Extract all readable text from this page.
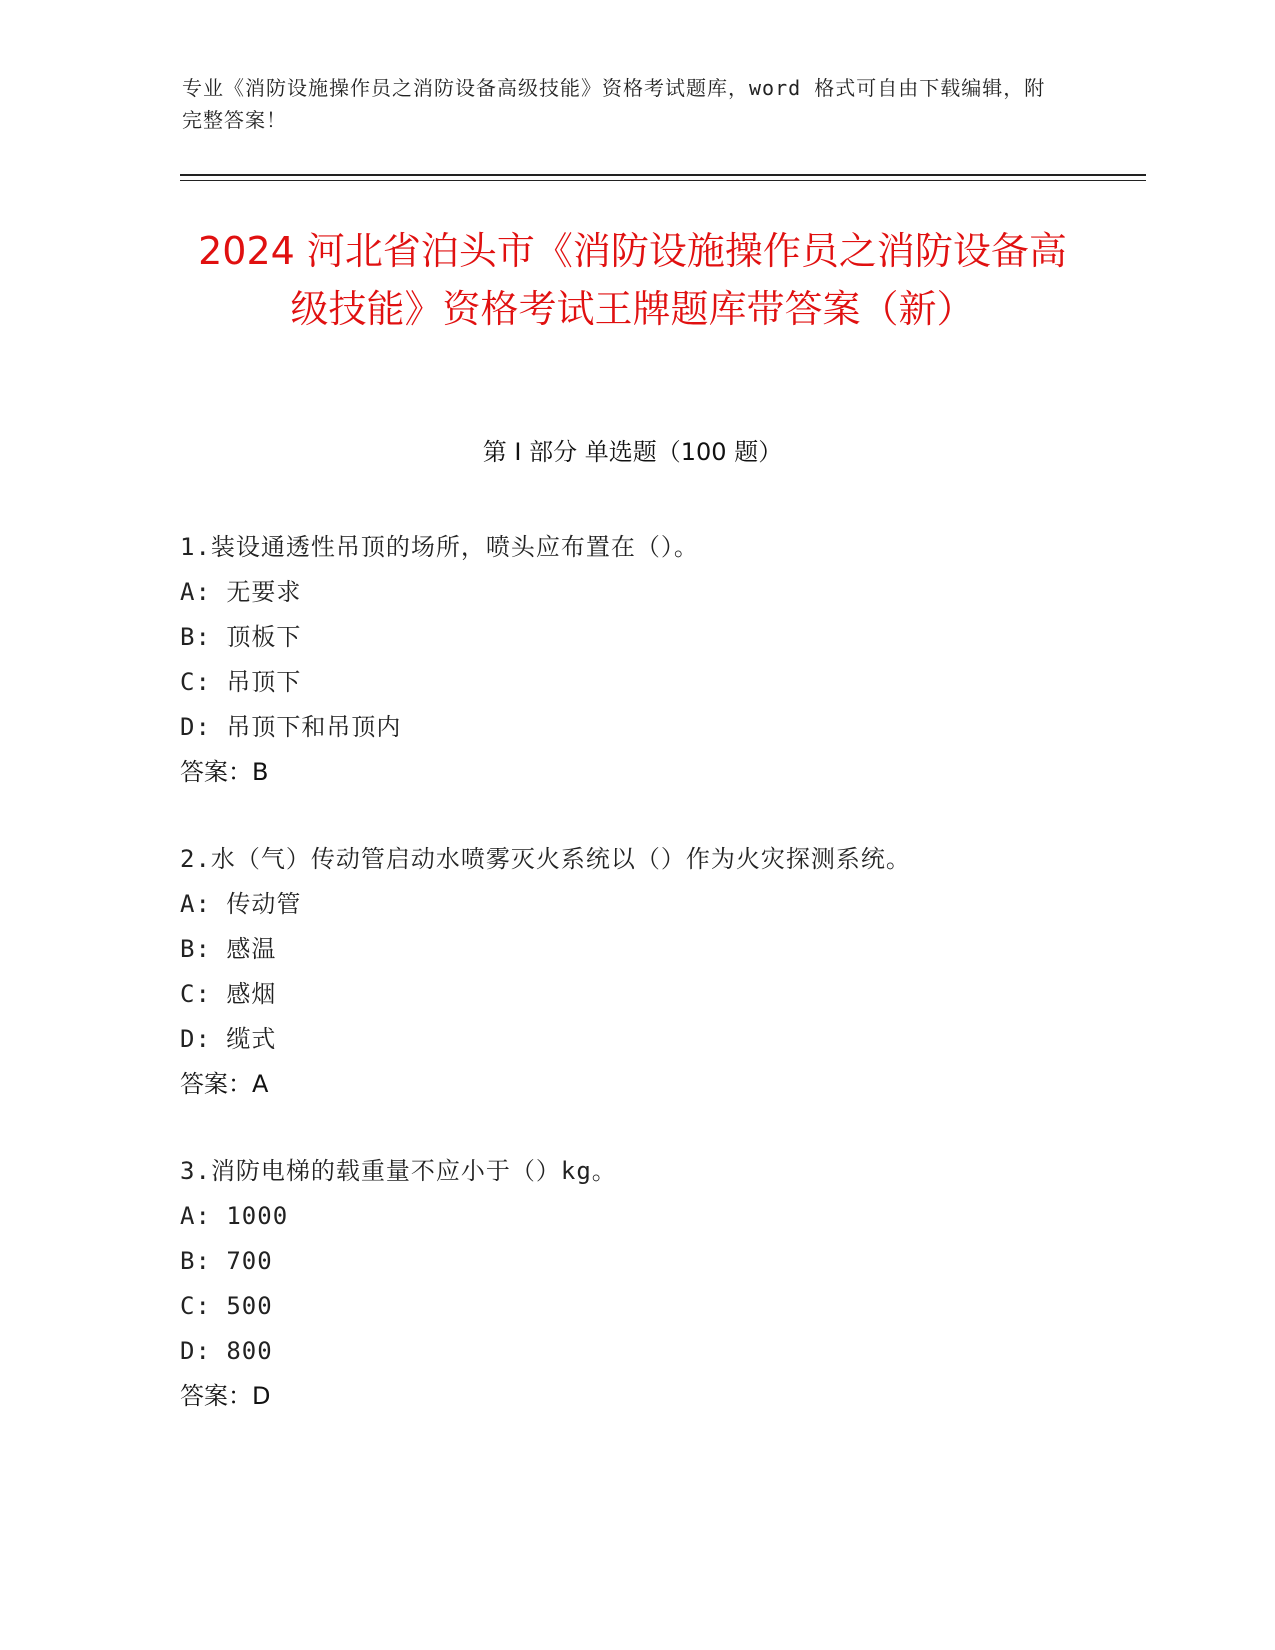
专业《消防设施操作员之消防设备高级技能》资格考试题库，word 格式可自由下载编辑，附完整答案！
2024 河北省泊头市《消防设施操作员之消防设备高级技能》资格考试王牌题库带答案（新）
第 I 部分 单选题（100 题）
1.装设通透性吊顶的场所，喷头应布置在（）。
A: 无要求
B: 顶板下
C: 吊顶下
D: 吊顶下和吊顶内
答案：B
2.水（气）传动管启动水喷雾灭火系统以（）作为火灾探测系统。
A: 传动管
B: 感温
C: 感烟
D: 缆式
答案：A
3.消防电梯的载重量不应小于（）kg。
A: 1000
B: 700
C: 500
D: 800
答案：D
